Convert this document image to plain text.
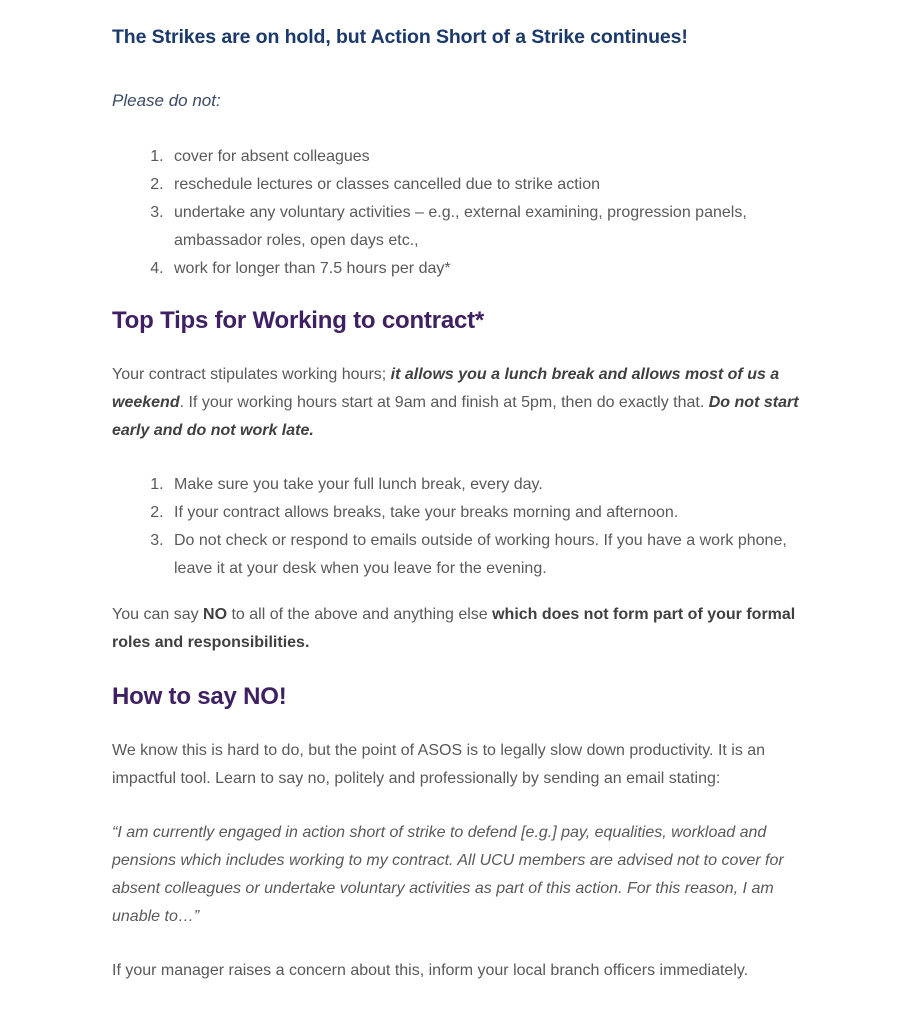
The Strikes are on hold, but Action Short of a Strike continues!

Please do not:

1. cover for absent colleagues
2. reschedule lectures or classes cancelled due to strike action
3. undertake any voluntary activities – e.g., external examining, progression panels, ambassador roles, open days etc.,
4. work for longer than 7.5 hours per day*
Top Tips for Working to contract*

Your contract stipulates working hours; it allows you a lunch break and allows most of us a weekend. If your working hours start at 9am and finish at 5pm, then do exactly that. Do not start early and do not work late.

1. Make sure you take your full lunch break, every day.
2. If your contract allows breaks, take your breaks morning and afternoon.
3. Do not check or respond to emails outside of working hours. If you have a work phone, leave it at your desk when you leave for the evening.

You can say NO to all of the above and anything else which does not form part of your formal roles and responsibilities.

How to say NO!

We know this is hard to do, but the point of ASOS is to legally slow down productivity. It is an impactful tool. Learn to say no, politely and professionally by sending an email stating:

“I am currently engaged in action short of strike to defend [e.g.] pay, equalities, workload and pensions which includes working to my contract. All UCU members are advised not to cover for absent colleagues or undertake voluntary activities as part of this action. For this reason, I am unable to…”

If your manager raises a concern about this, inform your local branch officers immediately.
